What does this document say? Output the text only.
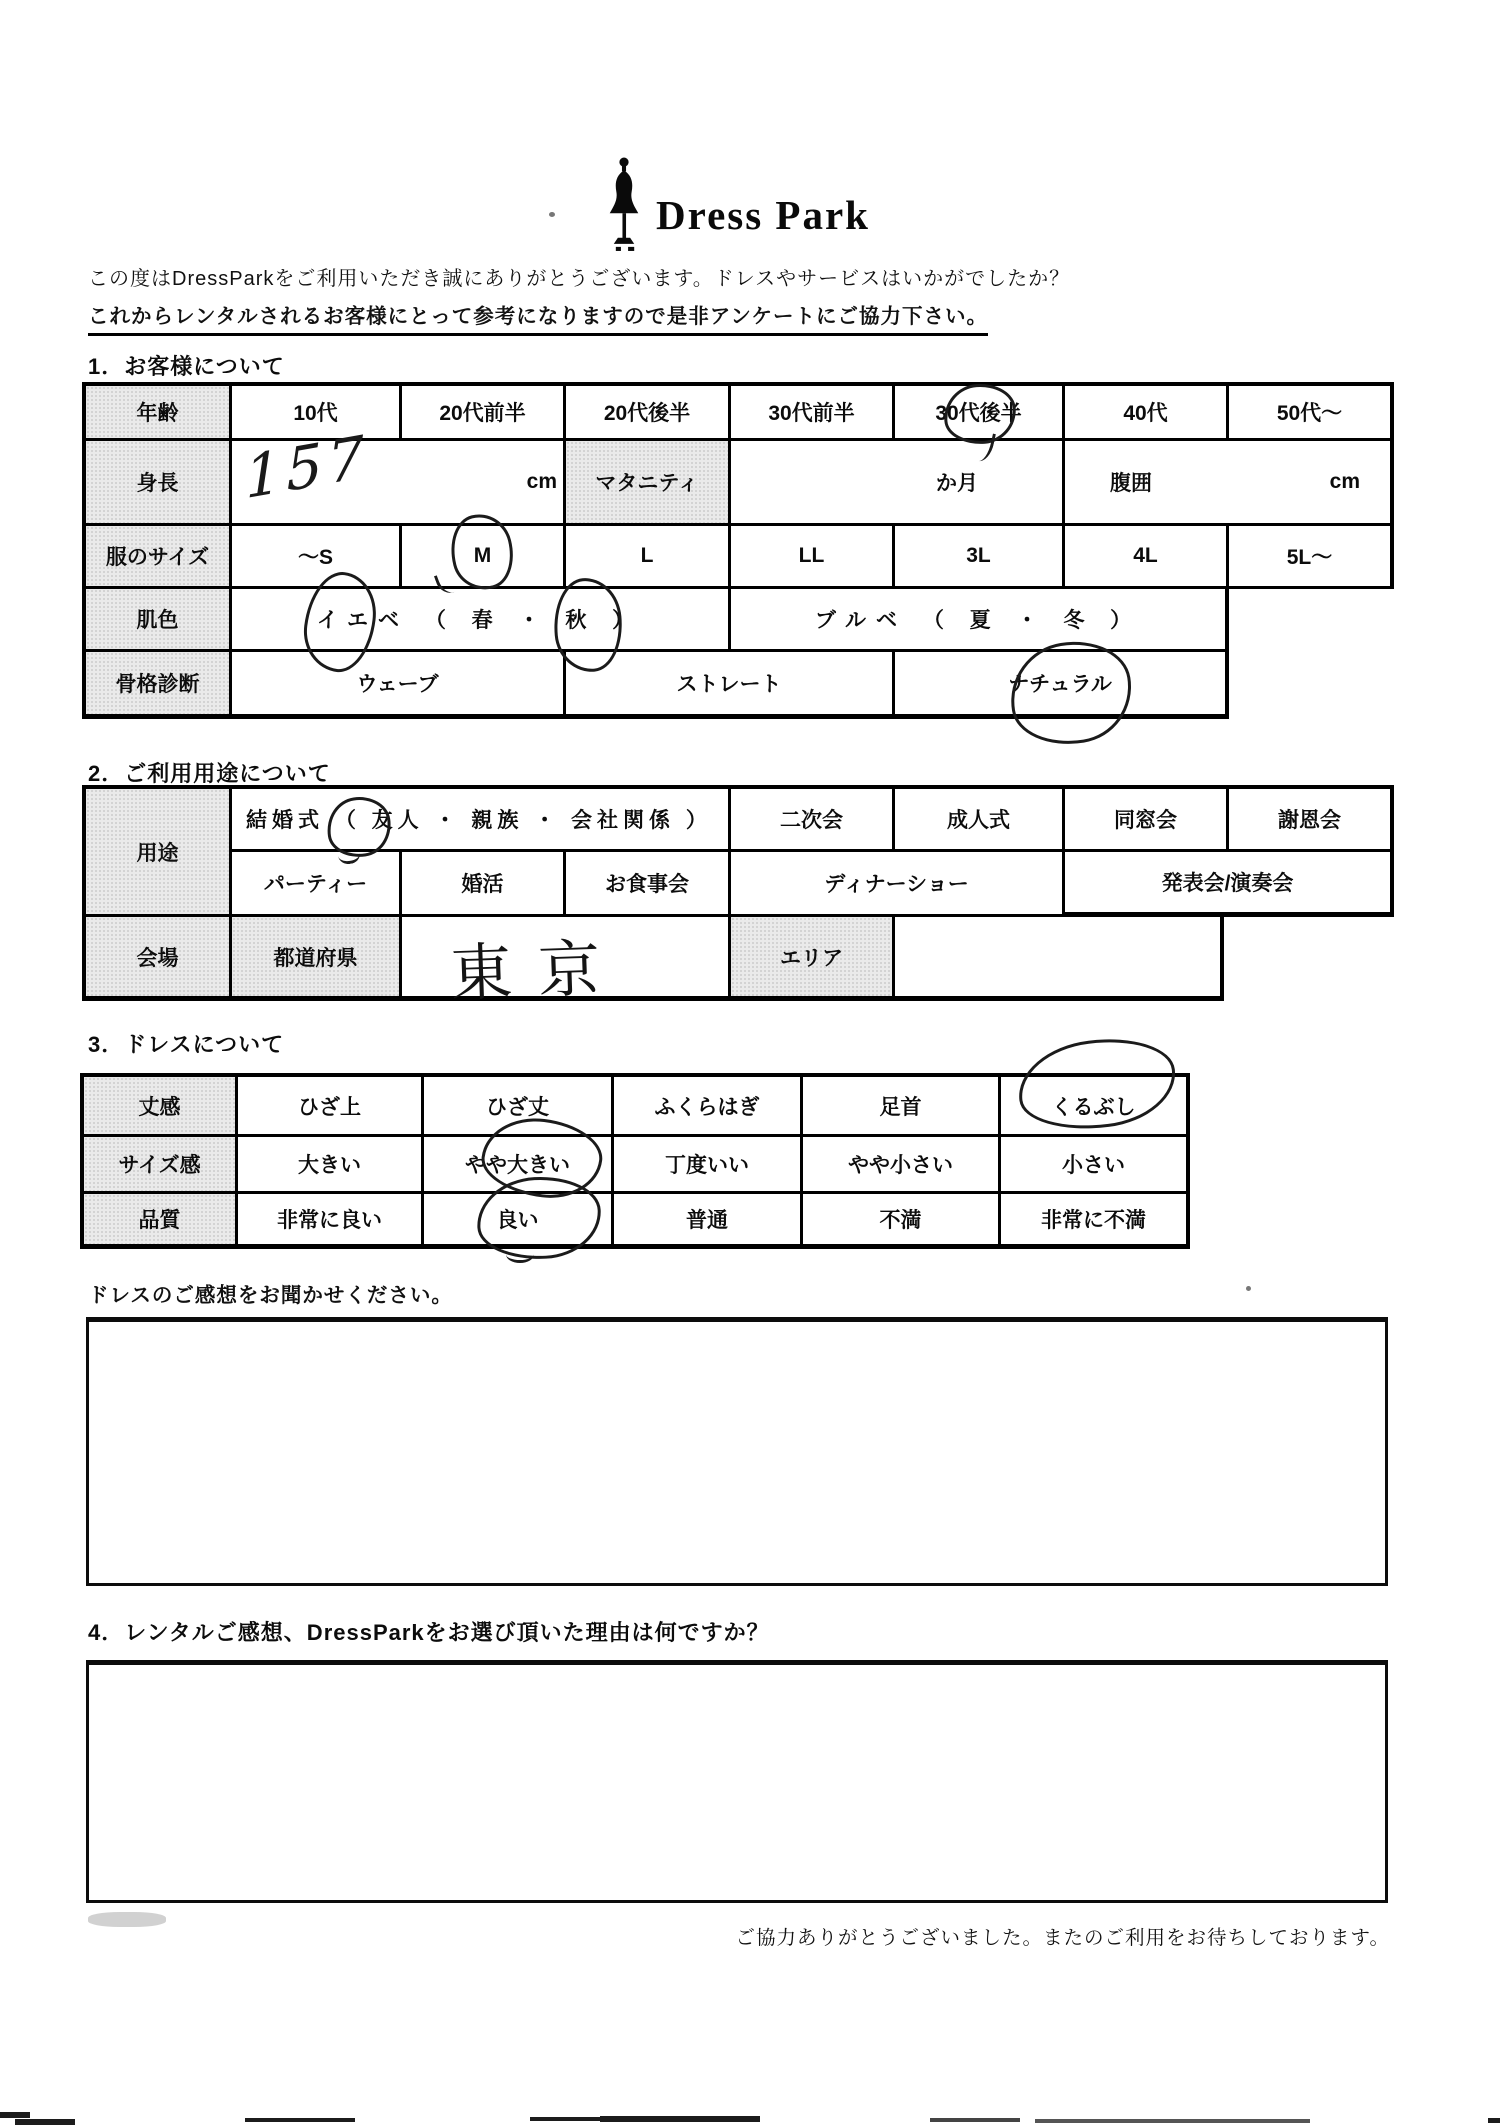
Dress Park
この度はDressParkをご利用いただき誠にありがとうございます。ドレスやサービスはいかがでしたか？
これからレンタルされるお客様にとって参考になりますので是非アンケートにご協力下さい。
1．お客様について
年齢	10代	20代前半	20代後半	30代前半	30代後半	40代	50代～
身長	157	cm	マタニティ	か月	腹囲	cm
服のサイズ	～S	M	L	LL	3L	4L	5L～
肌色	イエベ （ 春 ・ 秋 ）	ブルベ （ 夏 ・ 冬 ）
骨格診断	ウェーブ	ストレート	ナチュラル
2．ご利用用途について
用途
結婚式 （ 友人 ・ 親族 ・ 会社関係 ）	二次会	成人式	同窓会	謝恩会
パーティー	婚活	お食事会	ディナーショー	発表会/演奏会
会場	都道府県	東京	エリア
3．ドレスについて
丈感	ひざ上	ひざ丈	ふくらはぎ	足首	くるぶし
サイズ感	大きい	やや大きい	丁度いい	やや小さい	小さい
品質	非常に良い	良い	普通	不満	非常に不満
ドレスのご感想をお聞かせください。
4．レンタルご感想、DressParkをお選び頂いた理由は何ですか？
ご協力ありがとうございました。またのご利用をお待ちしております。
